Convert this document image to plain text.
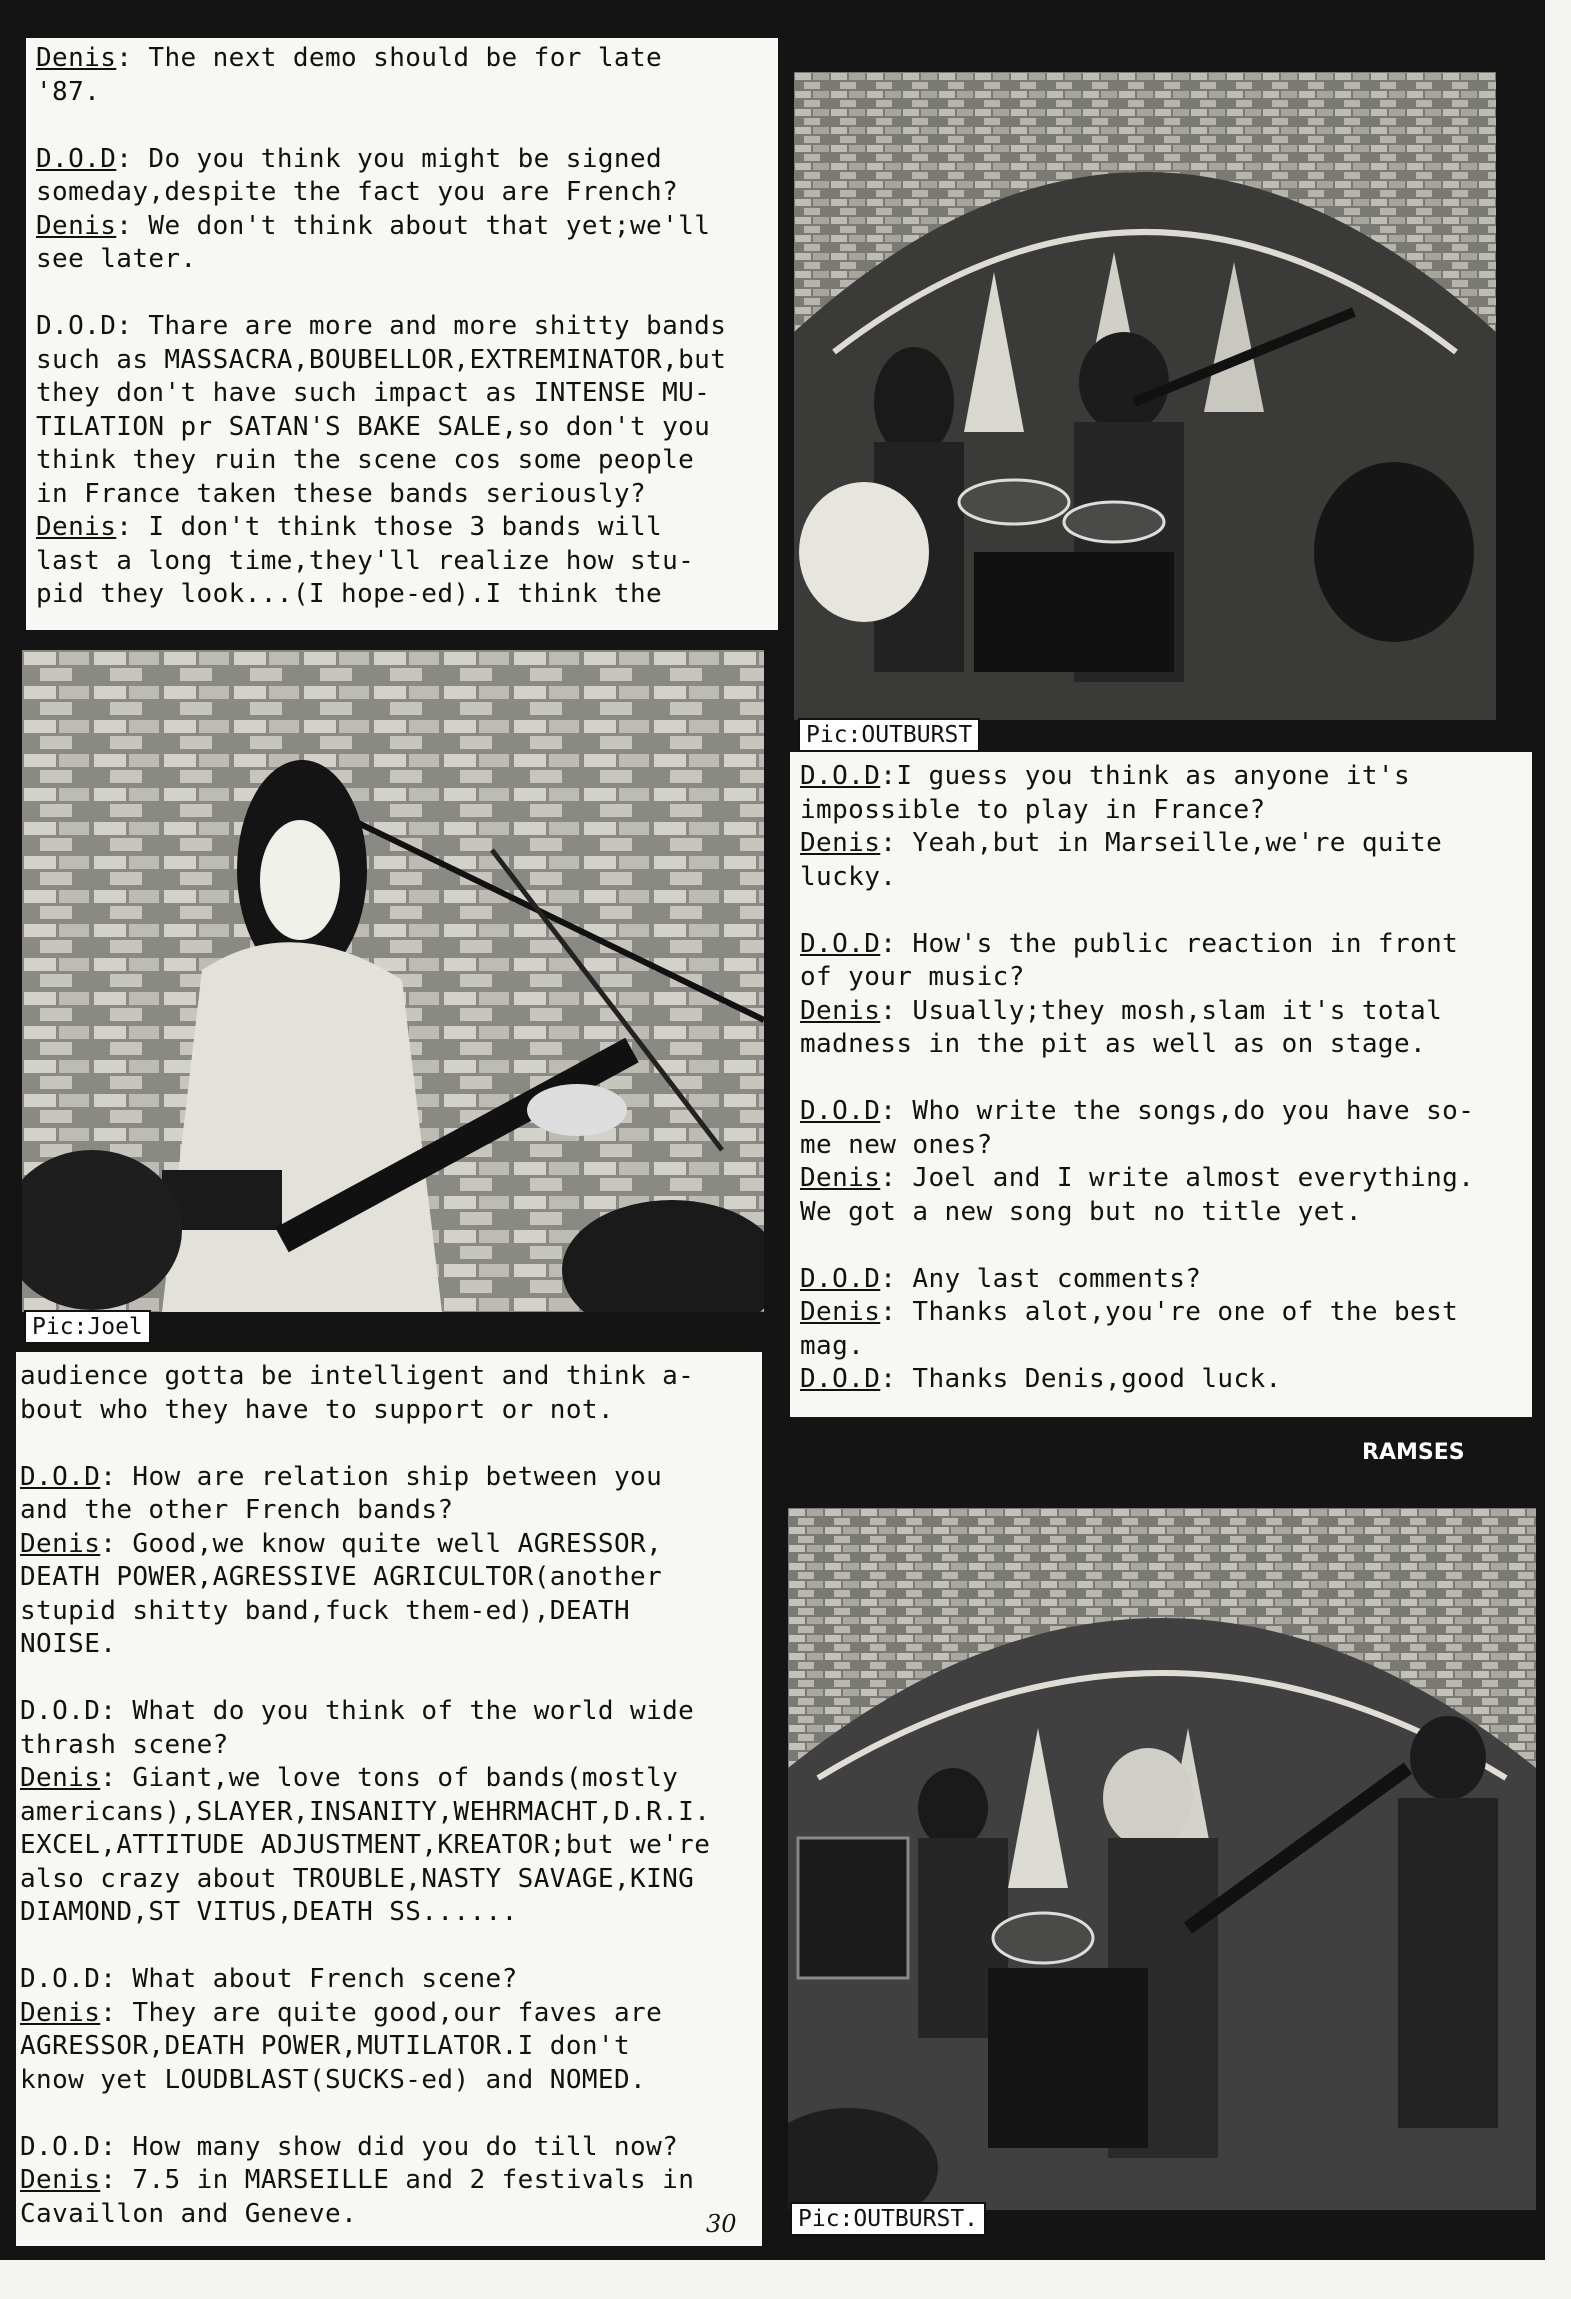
Denis: The next demo should be for late
'87.

D.O.D: Do you think you might be signed
someday,despite the fact you are French?
Denis: We don't think about that yet;we'll
see later.

D.O.D: Thare are more and more shitty bands
such as MASSACRA,BOUBELLOR,EXTREMINATOR,but
they don't have such impact as INTENSE MU-
TILATION pr SATAN'S BAKE SALE,so don't you
think they ruin the scene cos some people
in France taken these bands seriously?
Denis: I don't think those 3 bands will
last a long time,they'll realize how stu-
pid they look...(I hope-ed).I think the
Pic:OUTBURST
Pic:Joel
D.O.D:I guess you think as anyone it's
impossible to play in France?
Denis: Yeah,but in Marseille,we're quite
lucky.

D.O.D: How's the public reaction in front
of your music?
Denis: Usually;they mosh,slam it's total
madness in the pit as well as on stage.

D.O.D: Who write the songs,do you have so-
me new ones?
Denis: Joel and I write almost everything.
We got a new song but no title yet.

D.O.D: Any last comments?
Denis: Thanks alot,you're one of the best
mag.
D.O.D: Thanks Denis,good luck.
RAMSES
audience gotta be intelligent and think a-
bout who they have to support or not.

D.O.D: How are relation ship between you
and the other French bands?
Denis: Good,we know quite well AGRESSOR,
DEATH POWER,AGRESSIVE AGRICULTOR(another
stupid shitty band,fuck them-ed),DEATH
NOISE.

D.O.D: What do you think of the world wide
thrash scene?
Denis: Giant,we love tons of bands(mostly
americans),SLAYER,INSANITY,WEHRMACHT,D.R.I.
EXCEL,ATTITUDE ADJUSTMENT,KREATOR;but we're
also crazy about TROUBLE,NASTY SAVAGE,KING
DIAMOND,ST VITUS,DEATH SS......

D.O.D: What about French scene?
Denis: They are quite good,our faves are
AGRESSOR,DEATH POWER,MUTILATOR.I don't
know yet LOUDBLAST(SUCKS-ed) and NOMED.

D.O.D: How many show did you do till now?
Denis: 7.5 in MARSEILLE and 2 festivals in
Cavaillon and Geneve.	30	Pic:OUTBURST.
